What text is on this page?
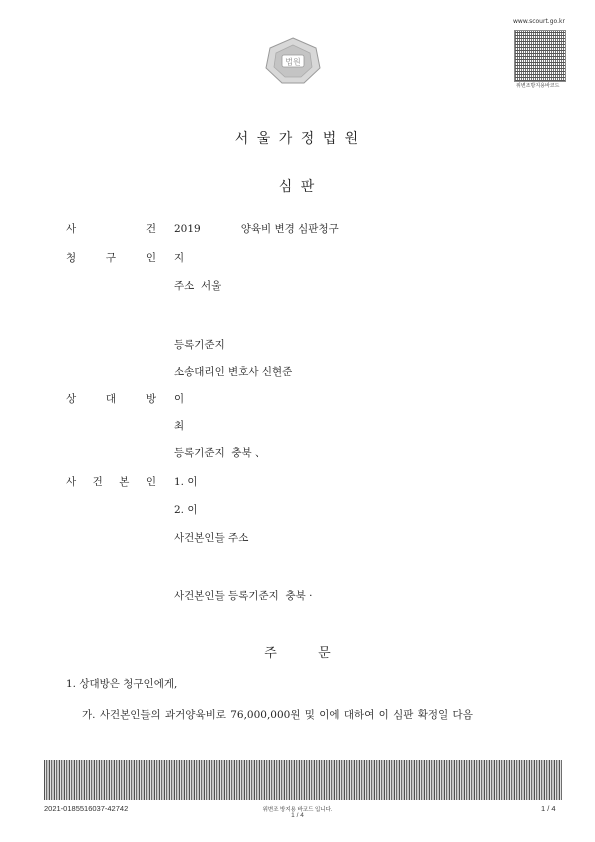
법원
www.scourt.go.kr
위변조방지용바코드
서 울 가 정 법 원
심 판
사	건 2019            양육비 변경 심판청구
청	구	인 지
주소  서울
등록기준지
소송대리인 변호사 신현준
상	대	방 이
최
등록기준지  충북 、
사 건 본 인 1. 이
2. 이
사건본인들 주소
사건본인들 등록기준지  충북 ·
주          문
1. 상대방은 청구인에게,
가. 사건본인들의 과거양육비로 76,000,000원 및 이에 대하여 이 심판 확정일 다음
2021-0185516037-42742	위변조 방지용 바코드 입니다.
1 / 4
1 / 4
